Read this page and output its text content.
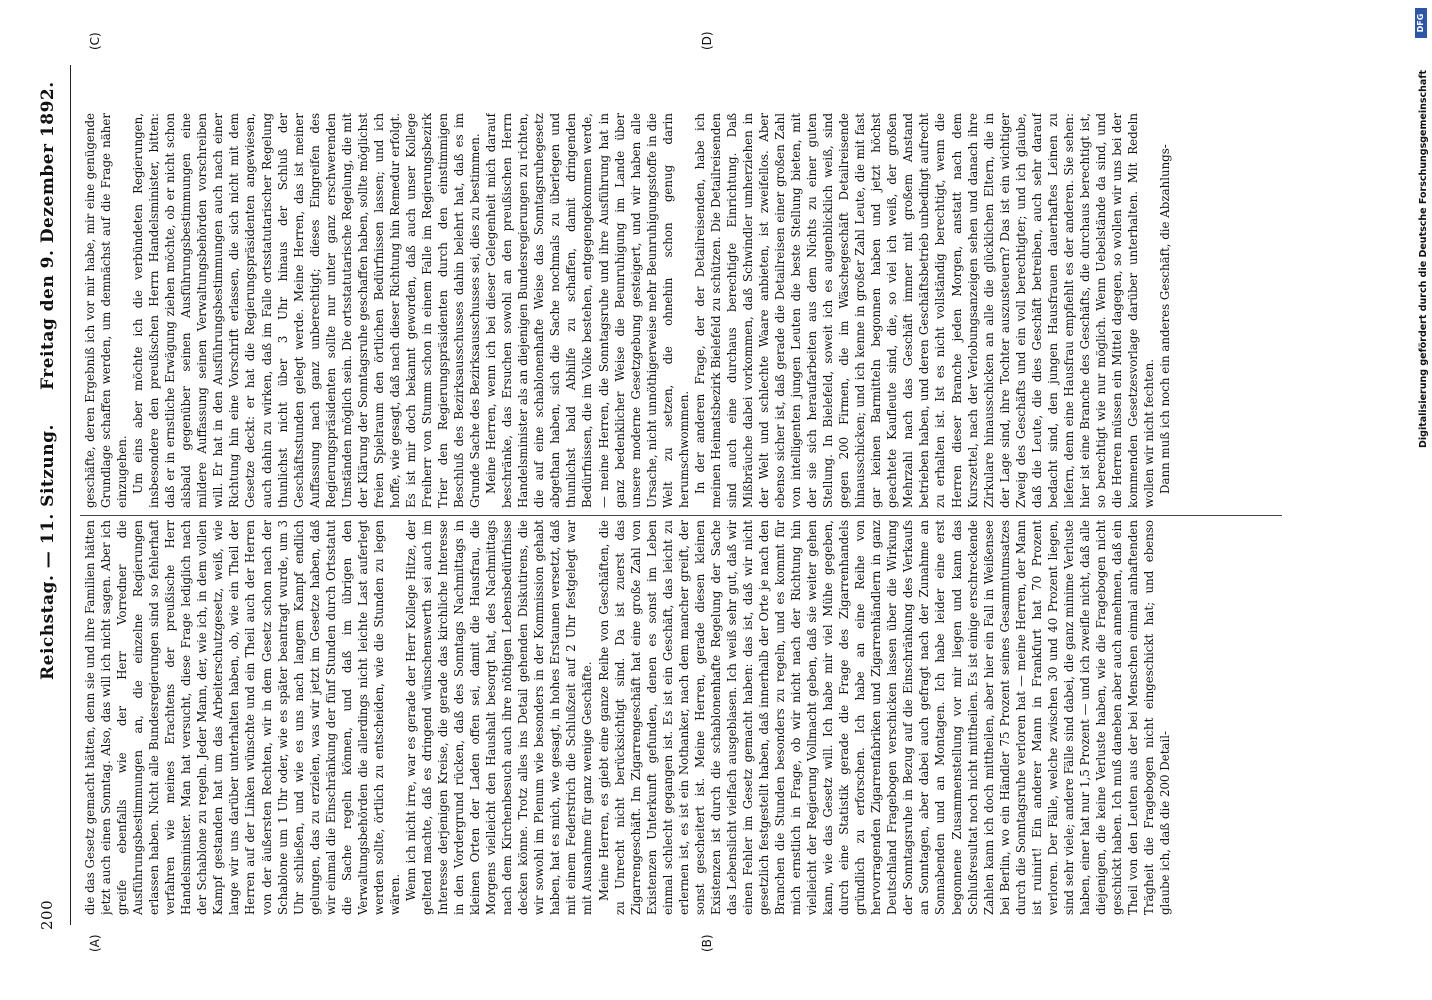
200
Reichstag. — 11. Sitzung.
Freitag den 9. Dezember 1892.
(A)	(B)
(C)	(D)

die das Gesetz gemacht hätten, denn sie und ihre Familien hätten jetzt auch einen Sonntag. Also, das will ich nicht sagen. Aber ich greife ebenfalls wie der Herr Vorredner die Ausführungsbestimmungen an, die einzelne Regierungen erlassen haben. Nicht alle Bundesregierungen sind so fehlerhaft verfahren wie meines Erachtens der preußische Herr Handelsminister. Man hat versucht, diese Frage lediglich nach der Schablone zu regeln. Jeder Mann, der, wie ich, in dem vollen Kampf gestanden hat um das Arbeiterschutzgesetz, weiß, wie lange wir uns darüber unterhalten haben, ob, wie ein Theil der Herren auf der Linken wünschte und ein Theil auch der Herren von der äußersten Rechten, wir in dem Gesetz schon nach der Schablone um 1 Uhr oder, wie es später beantragt wurde, um 3 Uhr schließen, und wie es uns nach langem Kampf endlich gelungen, das zu erzielen, was wir jetzt im Gesetze haben, daß wir einmal die Einschränkung der fünf Stunden durch Ortsstatut die Sache regeln können, und daß im übrigen den Verwaltungsbehörden die allerdings nicht leichte Last auferlegt werden sollte, örtlich zu entscheiden, wie die Stunden zu legen wären. Wenn ich nicht irre, war es gerade der Herr Kollege Hitze, der geltend machte, daß es dringend wünschenswerth sei auch im Interesse derjenigen Kreise, die gerade das kirchliche Interesse in den Vordergrund rücken, daß des Sonntags Nachmittags in kleinen Orten der Laden offen sei, damit die Hausfrau, die Morgens vielleicht den Haushalt besorgt hat, des Nachmittags nach dem Kirchenbesuch auch ihre nöthigen Lebensbedürfnisse decken könne. Trotz alles ins Detail gehenden Diskutirens, die wir sowohl im Plenum wie besonders in der Kommission gehabt haben, hat es mich, wie gesagt, in hohes Erstaunen versetzt, daß mit einem Federstrich die Schlußzeit auf 2 Uhr festgelegt war mit Ausnahme für ganz wenige Geschäfte. Meine Herren, es giebt eine ganze Reihe von Geschäften, die zu Unrecht nicht berücksichtigt sind. Da ist zuerst das Zigarrengeschäft. Im Zigarrengeschäft hat eine große Zahl von Existenzen Unterkunft gefunden, denen es sonst im Leben einmal schlecht gegangen ist. Es ist ein Geschäft, das leicht zu erlernen ist, es ist ein Nothanker, nach dem mancher greift, der sonst gescheitert ist. Meine Herren, gerade diesen kleinen Existenzen ist durch die schablonenhafte Regelung der Sache das Lebenslicht vielfach ausgeblasen. Ich weiß sehr gut, daß wir einen Fehler im Gesetz gemacht haben: das ist, daß wir nicht gesetzlich festgestellt haben, daß innerhalb der Orte je nach den Branchen die Stunden besonders zu regeln, und es kommt für mich ernstlich in Frage, ob wir nicht nach der Richtung hin vielleicht der Regierung Vollmacht geben, daß sie weiter gehen kann, wie das Gesetz will. Ich habe mir viel Mühe gegeben, durch eine Statistik gerade die Frage des Zigarrenhandels gründlich zu erforschen. Ich habe an eine Reihe von hervorragenden Zigarrenfabriken und Zigarrenhändlern in ganz Deutschland Fragebogen verschicken lassen über die Wirkung der Sonntagsruhe in Bezug auf die Einschränkung des Verkaufs an Sonntagen, aber dabei auch gefragt nach der Zunahme an Sonnabenden und an Montagen. Ich habe leider eine erst begonnene Zusammenstellung vor mir liegen und kann das Schlußresultat noch nicht mittheilen. Es ist einige erschreckende Zahlen kann ich doch mittheilen, aber hier ein Fall in Weißensee bei Berlin, wo ein Händler 75 Prozent seines Gesammtumsatzes durch die Sonntagsruhe verloren hat — meine Herren, der Mann ist ruinirt! Ein anderer Mann in Frankfurt hat 70 Prozent verloren. Der Fälle, welche zwischen 30 und 40 Prozent liegen, sind sehr viele; andere Fälle sind dabei, die ganz minime Verluste haben, einer hat nur 1,5 Prozent — und ich zweifle nicht, daß alle diejenigen, die keine Verluste haben, wie die Fragebogen nicht geschickt haben. Ich muß daneben aber auch annehmen, daß ein Theil von den Leuten aus der bei Menschen einmal anhaftenden Trägheit die Fragebogen nicht eingeschickt hat; und ebenso glaube ich, daß die 200 Detail-

geschäfte, deren Ergebniß ich vor mir habe, mir eine genügende Grundlage schaffen werden, um demnächst auf die Frage näher einzugehen. Um eins aber möchte ich die verbündeten Regierungen, insbesondere den preußischen Herrn Handelsminister, bitten: daß er in ernstliche Erwägung ziehen möchte, ob er nicht schon alsbald gegenüber seinen Ausführungsbestimmungen eine mildere Auffassung seinen Verwaltungsbehörden vorschreiben will. Er hat in den Ausführungsbestimmungen auch nach einer Richtung hin eine Vorschrift erlassen, die sich nicht mit dem Gesetze deckt: er hat die Regierungspräsidenten angewiesen, auch dahin zu wirken, daß im Falle ortsstatutarischer Regelung thunlichst nicht über 3 Uhr hinaus der Schluß der Geschäftsstunden gelegt werde. Meine Herren, das ist meiner Auffassung nach ganz unberechtigt; dieses Eingreifen des Regierungspräsidenten sollte nur unter ganz erschwerenden Umständen möglich sein. Die ortsstatutarische Regelung, die mit der Klärung der Sonntagsruhe geschaffen haben, sollte möglichst freien Spielraum den örtlichen Bedürfnissen lassen; und ich hoffe, wie gesagt, daß nach dieser Richtung hin Remedur erfolgt. Es ist mir doch bekannt geworden, daß auch unser Kollege Freiherr von Stumm schon in einem Falle im Regierungsbezirk Trier den Regierungspräsidenten durch den einstimmigen Beschluß des Bezirksausschusses dahin belehrt hat, daß es im Grunde Sache des Bezirksausschusses sei, dies zu bestimmen. Meine Herren, wenn ich bei dieser Gelegenheit mich darauf beschränke, das Ersuchen sowohl an den preußischen Herrn Handelsminister als an diejenigen Bundesregierungen zu richten, die auf eine schablonenhafte Weise das Sonntagsruhegesetz abgethan haben, sich die Sache nochmals zu überlegen und thunlichst bald Abhilfe zu schaffen, damit dringenden Bedürfnissen, die im Volke bestehen, entgegengekommen werde, — meine Herren, die Sonntagsruhe und ihre Ausführung hat in ganz bedenklicher Weise die Beunruhigung im Lande über unsere moderne Gesetzgebung gesteigert, und wir haben alle Ursache, nicht unnöthigerweise mehr Beunruhigungsstoffe in die Welt zu setzen, die ohnehin schon genug darin herumschwommen. In der anderen Frage, der der Detailreisenden, habe ich meinen Heimatsbezirk Bielefeld zu schützen. Die Detailreisenden sind auch eine durchaus berechtigte Einrichtung. Daß Mißbräuche dabei vorkommen, daß Schwindler umherziehen in der Welt und schlechte Waare anbieten, ist zweifellos. Aber ebenso sicher ist, daß gerade die Detailreisen einer großen Zahl von intelligenten jungen Leuten die beste Stellung bieten, mit der sie sich heraufarbeiten aus dem Nichts zu einer guten Stellung. In Bielefeld, soweit ich es augenblicklich weiß, sind gegen 200 Firmen, die im Wäschegeschäft Detailreisende hinausschicken; und ich kenne in großer Zahl Leute, die mit fast gar keinen Barmitteln begonnen haben und jetzt höchst geachtete Kaufleute sind, die, so viel ich weiß, der großen Mehrzahl nach das Geschäft immer mit großem Anstand betrieben haben, und deren Geschäftsbetrieb unbedingt aufrecht zu erhalten ist. Ist es nicht vollständig berechtigt, wenn die Herren dieser Branche jeden Morgen, anstatt nach dem Kurszettel, nach der Verlobungsanzeigen sehen und danach ihre Zirkulare hinausschicken an alle die glücklichen Eltern, die in der Lage sind, ihre Tochter auszusteuern? Das ist ein wichtiger Zweig des Geschäfts und ein voll berechtigter; und ich glaube, daß die Leute, die dies Geschäft betreiben, auch sehr darauf bedacht sind, den jungen Hausfrauen dauerhaftes Leinen zu liefern, denn eine Hausfrau empfiehlt es der anderen. Sie sehen: hier ist eine Branche des Geschäfts, die durchaus berechtigt ist, so berechtigt wie nur möglich. Wenn Uebelstände da sind, und die Herren müssen ein Mittel dagegen, so wollen wir uns bei der kommenden Gesetzesvorlage darüber unterhalten. Mit Redeln wollen wir nicht fechten. Dann muß ich noch ein anderes Geschäft, die Abzahlungs-	Digitalisierung gefördert durch die Deutsche Forschungsgemeinschaft
DFG
